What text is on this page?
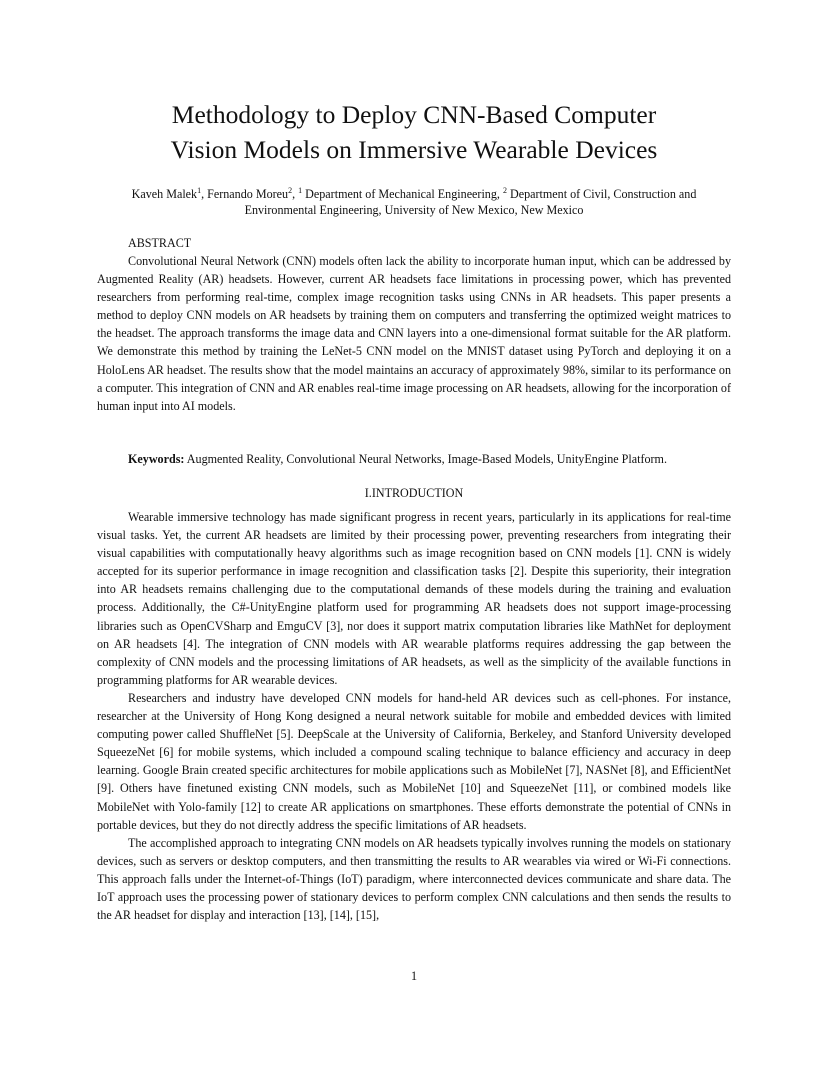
Methodology to Deploy CNN-Based Computer
Vision Models on Immersive Wearable Devices

Kaveh Malek$^1$, Fernando Moreu$^2$, $^1$ Department of Mechanical Engineering, $^2$ Department of Civil, Construction and Environmental Engineering, University of New Mexico, New Mexico

ABSTRACT

Convolutional Neural Network (CNN) models often lack the ability to incorporate human input, which can be addressed by Augmented Reality (AR) headsets. However, current AR headsets face limitations in processing power, which has prevented researchers from performing real-time, complex image recognition tasks using CNNs in AR headsets. This paper presents a method to deploy CNN models on AR headsets by training them on computers and transferring the optimized weight matrices to the headset. The approach transforms the image data and CNN layers into a one-dimensional format suitable for the AR platform. We demonstrate this method by training the LeNet-5 CNN model on the MNIST dataset using PyTorch and deploying it on a HoloLens AR headset. The results show that the model maintains an accuracy of approximately 98%, similar to its performance on a computer. This integration of CNN and AR enables real-time image processing on AR headsets, allowing for the incorporation of human input into AI models.

Keywords: Augmented Reality, Convolutional Neural Networks, Image-Based Models, UnityEngine Platform.
I.INTRODUCTION

Wearable immersive technology has made significant progress in recent years, particularly in its applications for real-time visual tasks. Yet, the current AR headsets are limited by their processing power, preventing researchers from integrating their visual capabilities with computationally heavy algorithms such as image recognition based on CNN models [1]. CNN is widely accepted for its superior performance in image recognition and classification tasks [2]. Despite this superiority, their integration into AR headsets remains challenging due to the computational demands of these models during the training and evaluation process. Additionally, the C#-UnityEngine platform used for programming AR headsets does not support image-processing libraries such as OpenCVSharp and EmguCV [3], nor does it support matrix computation libraries like MathNet for deployment on AR headsets [4]. The integration of CNN models with AR wearable platforms requires addressing the gap between the complexity of CNN models and the processing limitations of AR headsets, as well as the simplicity of the available functions in programming platforms for AR wearable devices.

Researchers and industry have developed CNN models for hand-held AR devices such as cell-phones. For instance, researcher at the University of Hong Kong designed a neural network suitable for mobile and embedded devices with limited computing power called ShuffleNet [5]. DeepScale at the University of California, Berkeley, and Stanford University developed SqueezeNet [6] for mobile systems, which included a compound scaling technique to balance efficiency and accuracy in deep learning. Google Brain created specific architectures for mobile applications such as MobileNet [7], NASNet [8], and EfficientNet [9]. Others have finetuned existing CNN models, such as MobileNet [10] and SqueezeNet [11], or combined models like MobileNet with Yolo-family [12] to create AR applications on smartphones. These efforts demonstrate the potential of CNNs in portable devices, but they do not directly address the specific limitations of AR headsets.

The accomplished approach to integrating CNN models on AR headsets typically involves running the models on stationary devices, such as servers or desktop computers, and then transmitting the results to AR wearables via wired or Wi-Fi connections. This approach falls under the Internet-of-Things (IoT) paradigm, where interconnected devices communicate and share data. The IoT approach uses the processing power of stationary devices to perform complex CNN calculations and then sends the results to the AR headset for display and interaction [13], [14], [15],

1
